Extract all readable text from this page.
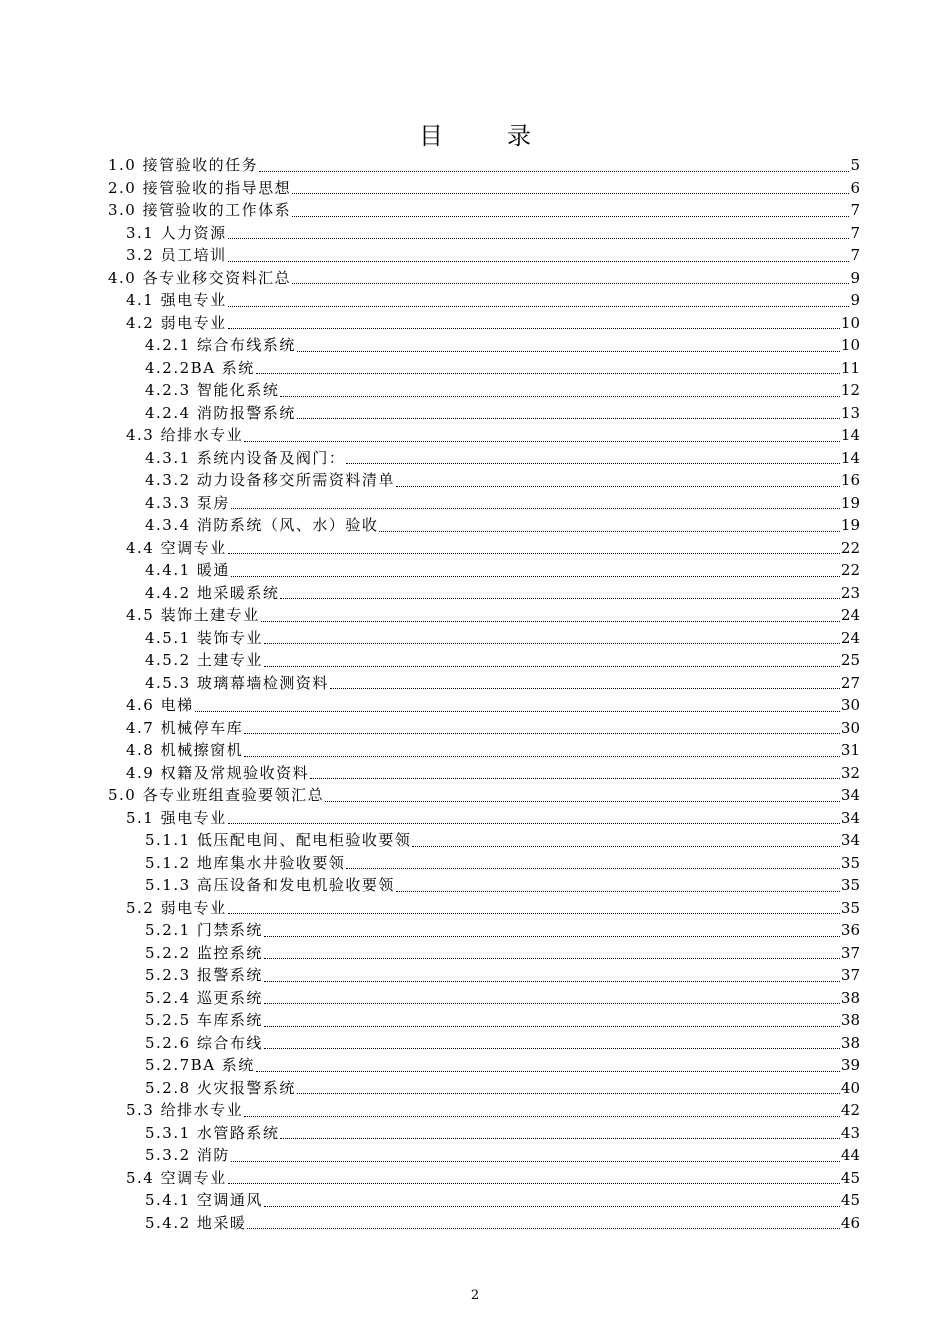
目　录
1.0 接管验收的任务	5
2.0 接管验收的指导思想	6
3.0 接管验收的工作体系	7
3.1 人力资源	7
3.2 员工培训	7
4.0 各专业移交资料汇总	9
4.1 强电专业	9
4.2 弱电专业	10
4.2.1 综合布线系统	10
4.2.2BA 系统	11
4.2.3 智能化系统	12
4.2.4 消防报警系统	13
4.3 给排水专业	14
4.3.1 系统内设备及阀门：	14
4.3.2 动力设备移交所需资料清单	16
4.3.3 泵房	19
4.3.4 消防系统（风、水）验收	19
4.4 空调专业	22
4.4.1 暖通	22
4.4.2 地采暖系统	23
4.5 装饰土建专业	24
4.5.1 装饰专业	24
4.5.2 土建专业	25
4.5.3 玻璃幕墙检测资料	27
4.6 电梯	30
4.7 机械停车库	30
4.8 机械擦窗机	31
4.9 权籍及常规验收资料	32
5.0 各专业班组查验要领汇总	34
5.1 强电专业	34
5.1.1 低压配电间、配电柜验收要领	34
5.1.2 地库集水井验收要领	35
5.1.3 高压设备和发电机验收要领	35
5.2 弱电专业	35
5.2.1 门禁系统	36
5.2.2 监控系统	37
5.2.3 报警系统	37
5.2.4 巡更系统	38
5.2.5 车库系统	38
5.2.6 综合布线	38
5.2.7BA 系统	39
5.2.8 火灾报警系统	40
5.3 给排水专业	42
5.3.1 水管路系统	43
5.3.2 消防	44
5.4 空调专业	45
5.4.1 空调通风	45
5.4.2 地采暖	46
2
